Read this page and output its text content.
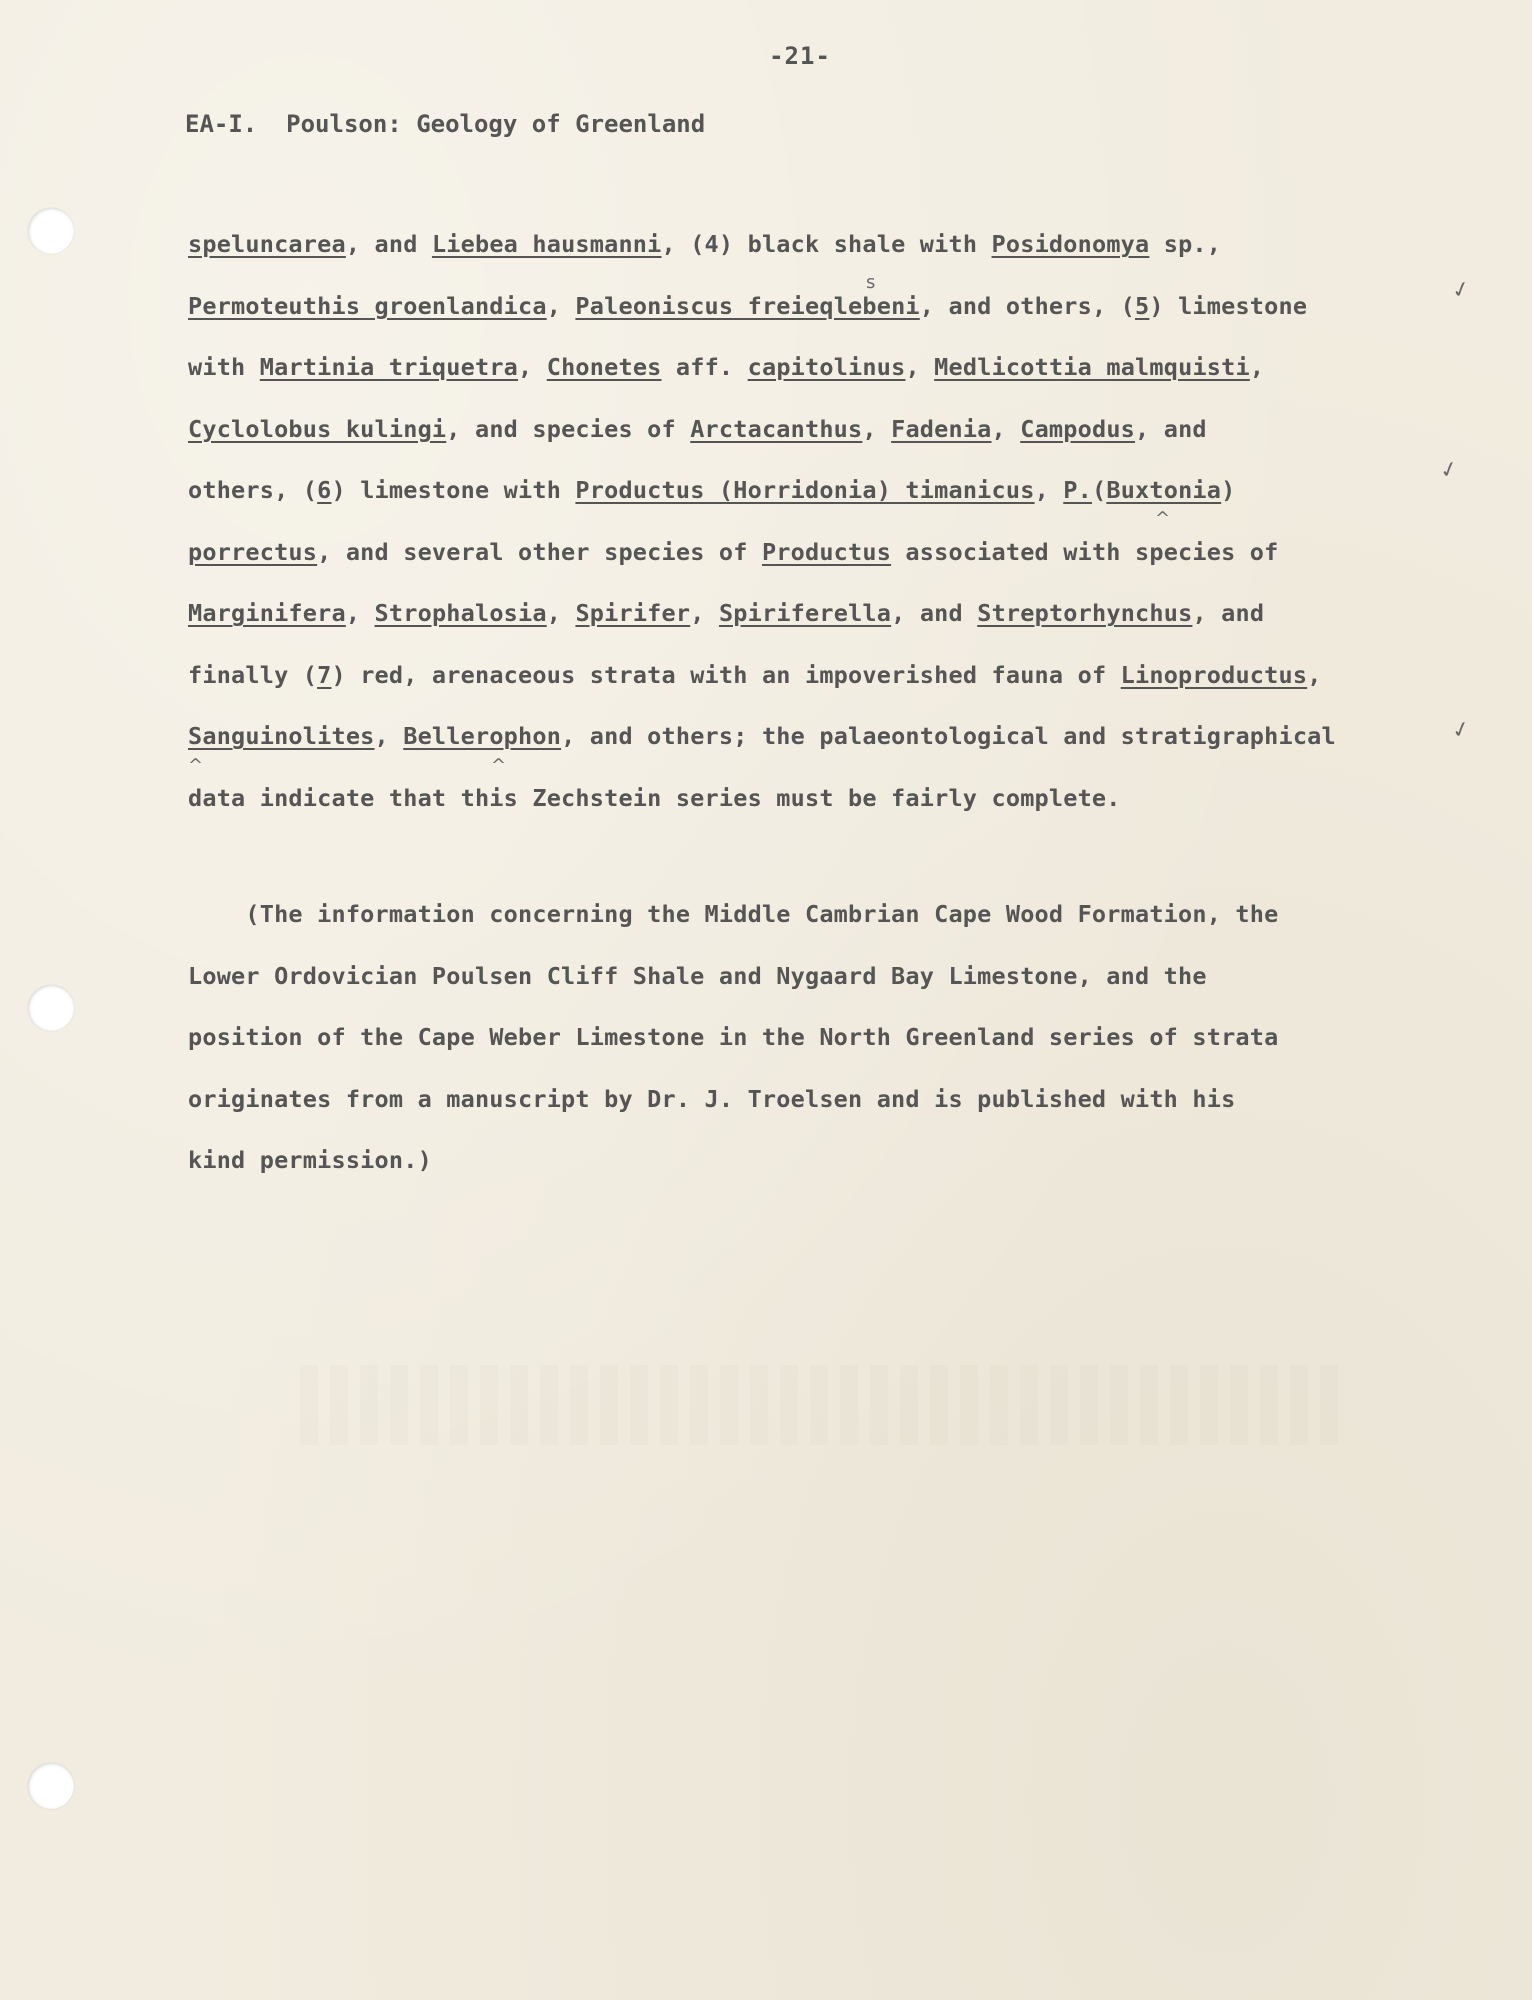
-21-
EA-I.  Poulson: Geology of Greenland
speluncarea, and Liebea hausmanni, (4) black shale with Posidonomya sp.,
Permoteuthis groenlandica, Paleoniscus freieqlebeni, and others, (5) limestone
with Martinia triquetra, Chonetes aff. capitolinus, Medlicottia malmquisti,
Cyclolobus kulingi, and species of Arctacanthus, Fadenia, Campodus, and
others, (6) limestone with Productus (Horridonia) timanicus, P.(Buxtonia)
porrectus, and several other species of Productus associated with species of
Marginifera, Strophalosia, Spirifer, Spiriferella, and Streptorhynchus, and
finally (7) red, arenaceous strata with an impoverished fauna of Linoproductus,
Sanguinolites, Bellerophon, and others; the palaeontological and stratigraphical
data indicate that this Zechstein series must be fairly complete.
(The information concerning the Middle Cambrian Cape Wood Formation, the
Lower Ordovician Poulsen Cliff Shale and Nygaard Bay Limestone, and the
position of the Cape Weber Limestone in the North Greenland series of strata
originates from a manuscript by Dr. J. Troelsen and is published with his
kind permission.)
s
^
^	^
✓
✓
✓
